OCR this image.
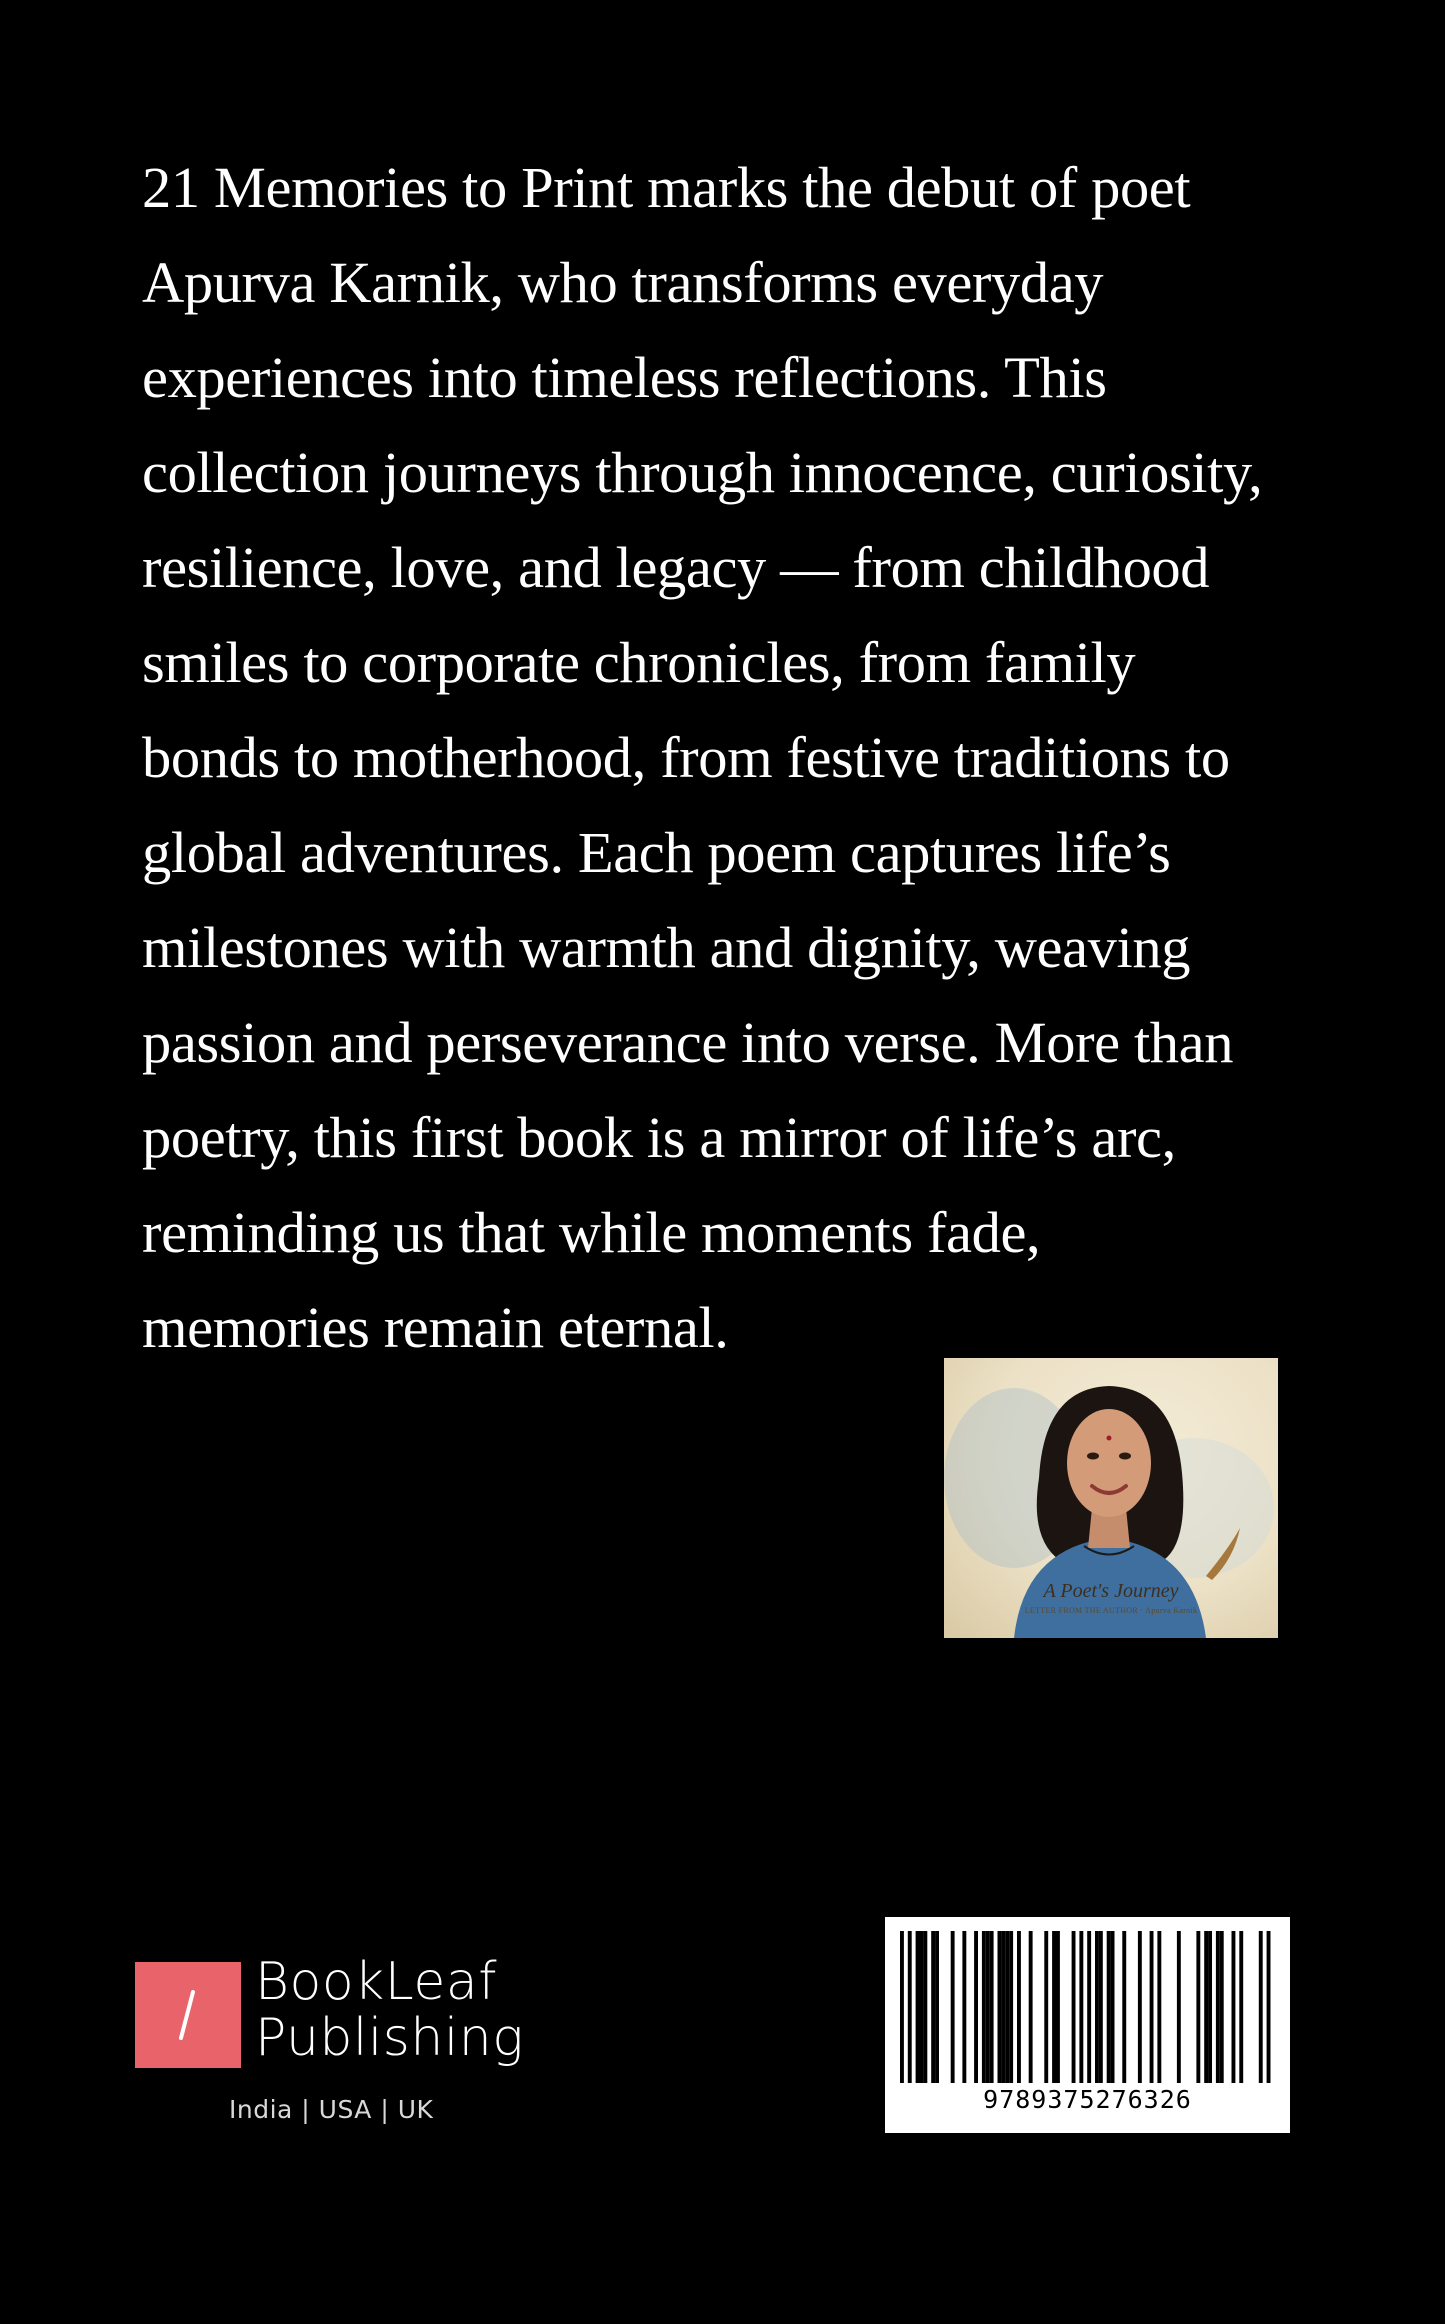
21 Memories to Print marks the debut of poet
Apurva Karnik, who transforms everyday
experiences into timeless reflections. This
collection journeys through innocence, curiosity,
resilience, love, and legacy — from childhood
smiles to corporate chronicles, from family
bonds to motherhood, from festive traditions to
global adventures. Each poem captures life’s
milestones with warmth and dignity, weaving
passion and perseverance into verse. More than
poetry, this first book is a mirror of life’s arc,
reminding us that while moments fade,
memories remain eternal.

A Poet's Journey
LETTER FROM THE AUTHOR · Apurva Karnik
BookLeaf
Publishing
India | USA | UK	9789375276326
